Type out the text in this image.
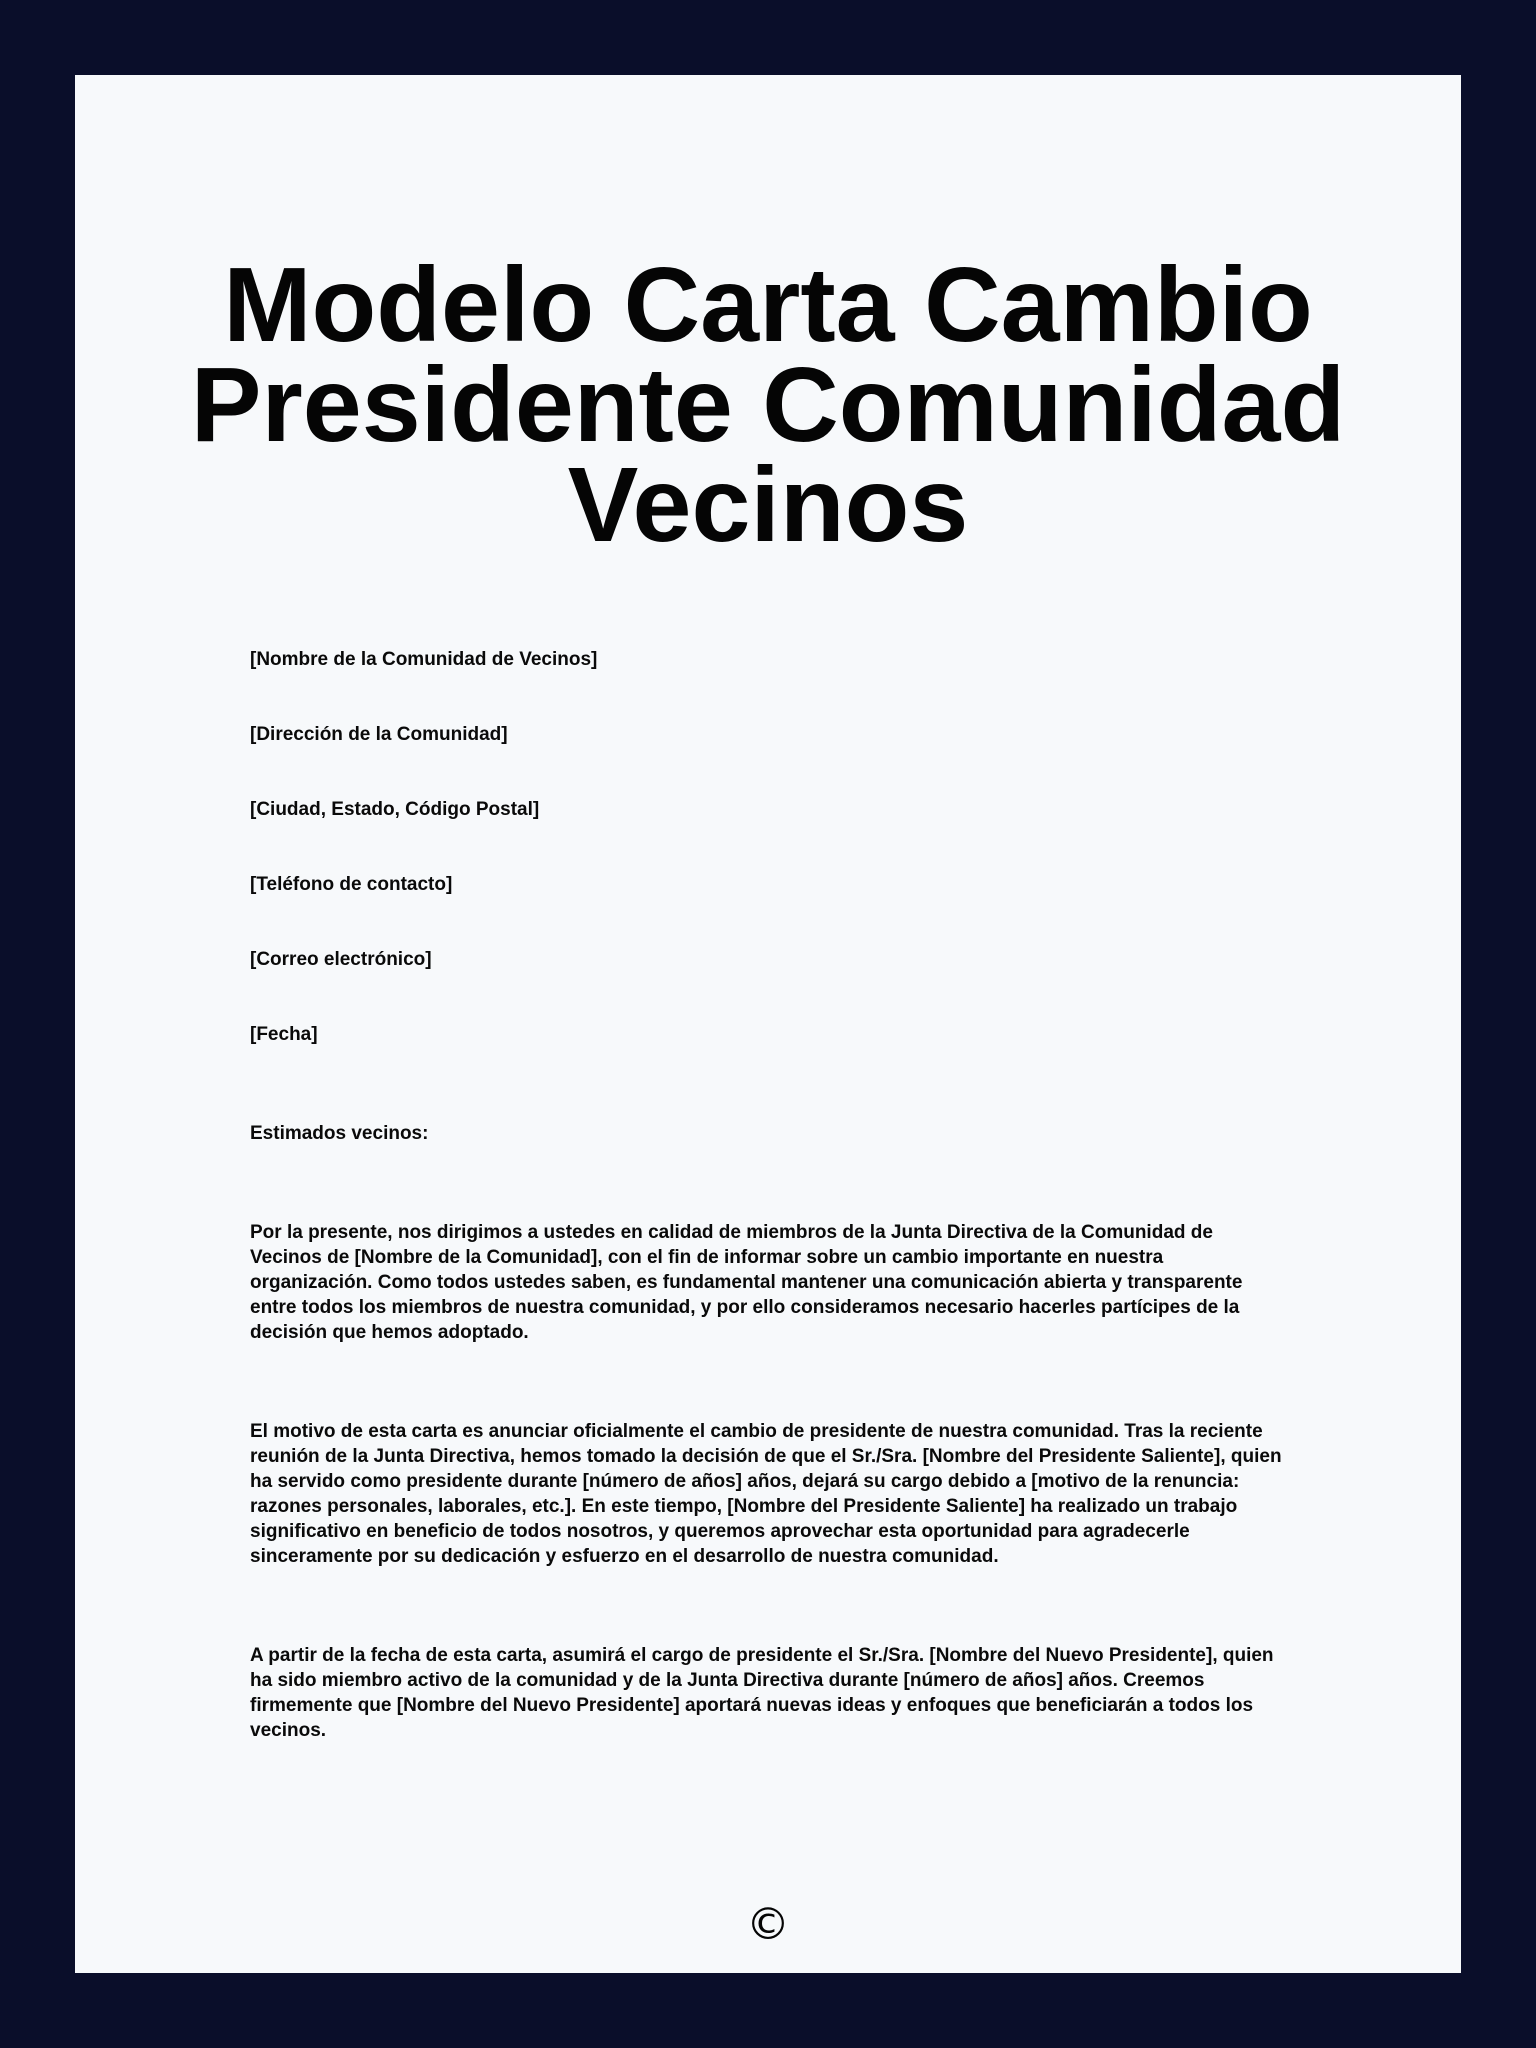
Modelo Carta Cambio Presidente Comunidad Vecinos
[Nombre de la Comunidad de Vecinos]
[Dirección de la Comunidad]
[Ciudad, Estado, Código Postal]
[Teléfono de contacto]
[Correo electrónico]
[Fecha]
Estimados vecinos:

Por la presente, nos dirigimos a ustedes en calidad de miembros de la Junta Directiva de la Comunidad de Vecinos de [Nombre de la Comunidad], con el fin de informar sobre un cambio importante en nuestra organización. Como todos ustedes saben, es fundamental mantener una comunicación abierta y transparente entre todos los miembros de nuestra comunidad, y por ello consideramos necesario hacerles partícipes de la decisión que hemos adoptado.

El motivo de esta carta es anunciar oficialmente el cambio de presidente de nuestra comunidad. Tras la reciente reunión de la Junta Directiva, hemos tomado la decisión de que el Sr./Sra. [Nombre del Presidente Saliente], quien ha servido como presidente durante [número de años] años, dejará su cargo debido a [motivo de la renuncia: razones personales, laborales, etc.]. En este tiempo, [Nombre del Presidente Saliente] ha realizado un trabajo significativo en beneficio de todos nosotros, y queremos aprovechar esta oportunidad para agradecerle sinceramente por su dedicación y esfuerzo en el desarrollo de nuestra comunidad.

A partir de la fecha de esta carta, asumirá el cargo de presidente el Sr./Sra. [Nombre del Nuevo Presidente], quien ha sido miembro activo de la comunidad y de la Junta Directiva durante [número de años] años. Creemos firmemente que [Nombre del Nuevo Presidente] aportará nuevas ideas y enfoques que beneficiarán a todos los vecinos.

©
